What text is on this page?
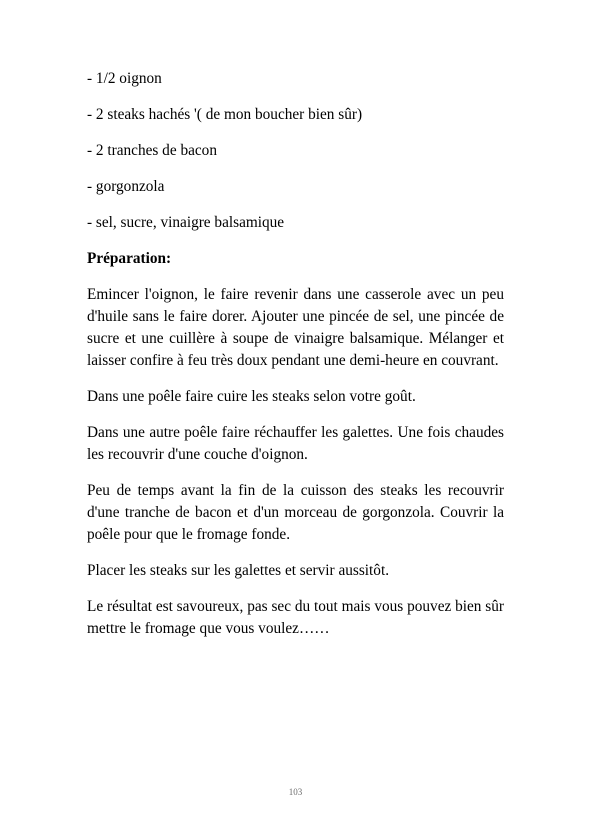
- 1/2 oignon

- 2 steaks hachés '( de mon boucher bien sûr)

- 2 tranches de bacon

- gorgonzola

- sel, sucre, vinaigre balsamique

Préparation:

Emincer l'oignon, le faire revenir dans une casserole avec un peu d'huile sans le faire dorer. Ajouter une pincée de sel, une pincée de sucre et une cuillère à soupe de vinaigre balsamique. Mélanger et laisser confire à feu très doux pendant une demi-heure en couvrant.

Dans une poêle faire cuire les steaks selon votre goût.

Dans une autre poêle faire réchauffer les galettes. Une fois chaudes les recouvrir d'une couche d'oignon.

Peu de temps avant la fin de la cuisson des steaks les recouvrir d'une tranche de bacon et d'un morceau de gorgonzola. Couvrir la poêle pour que le fromage fonde.

Placer les steaks sur les galettes et servir aussitôt.

Le résultat est savoureux, pas sec du tout mais vous pouvez bien sûr mettre le fromage que vous voulez……

103
